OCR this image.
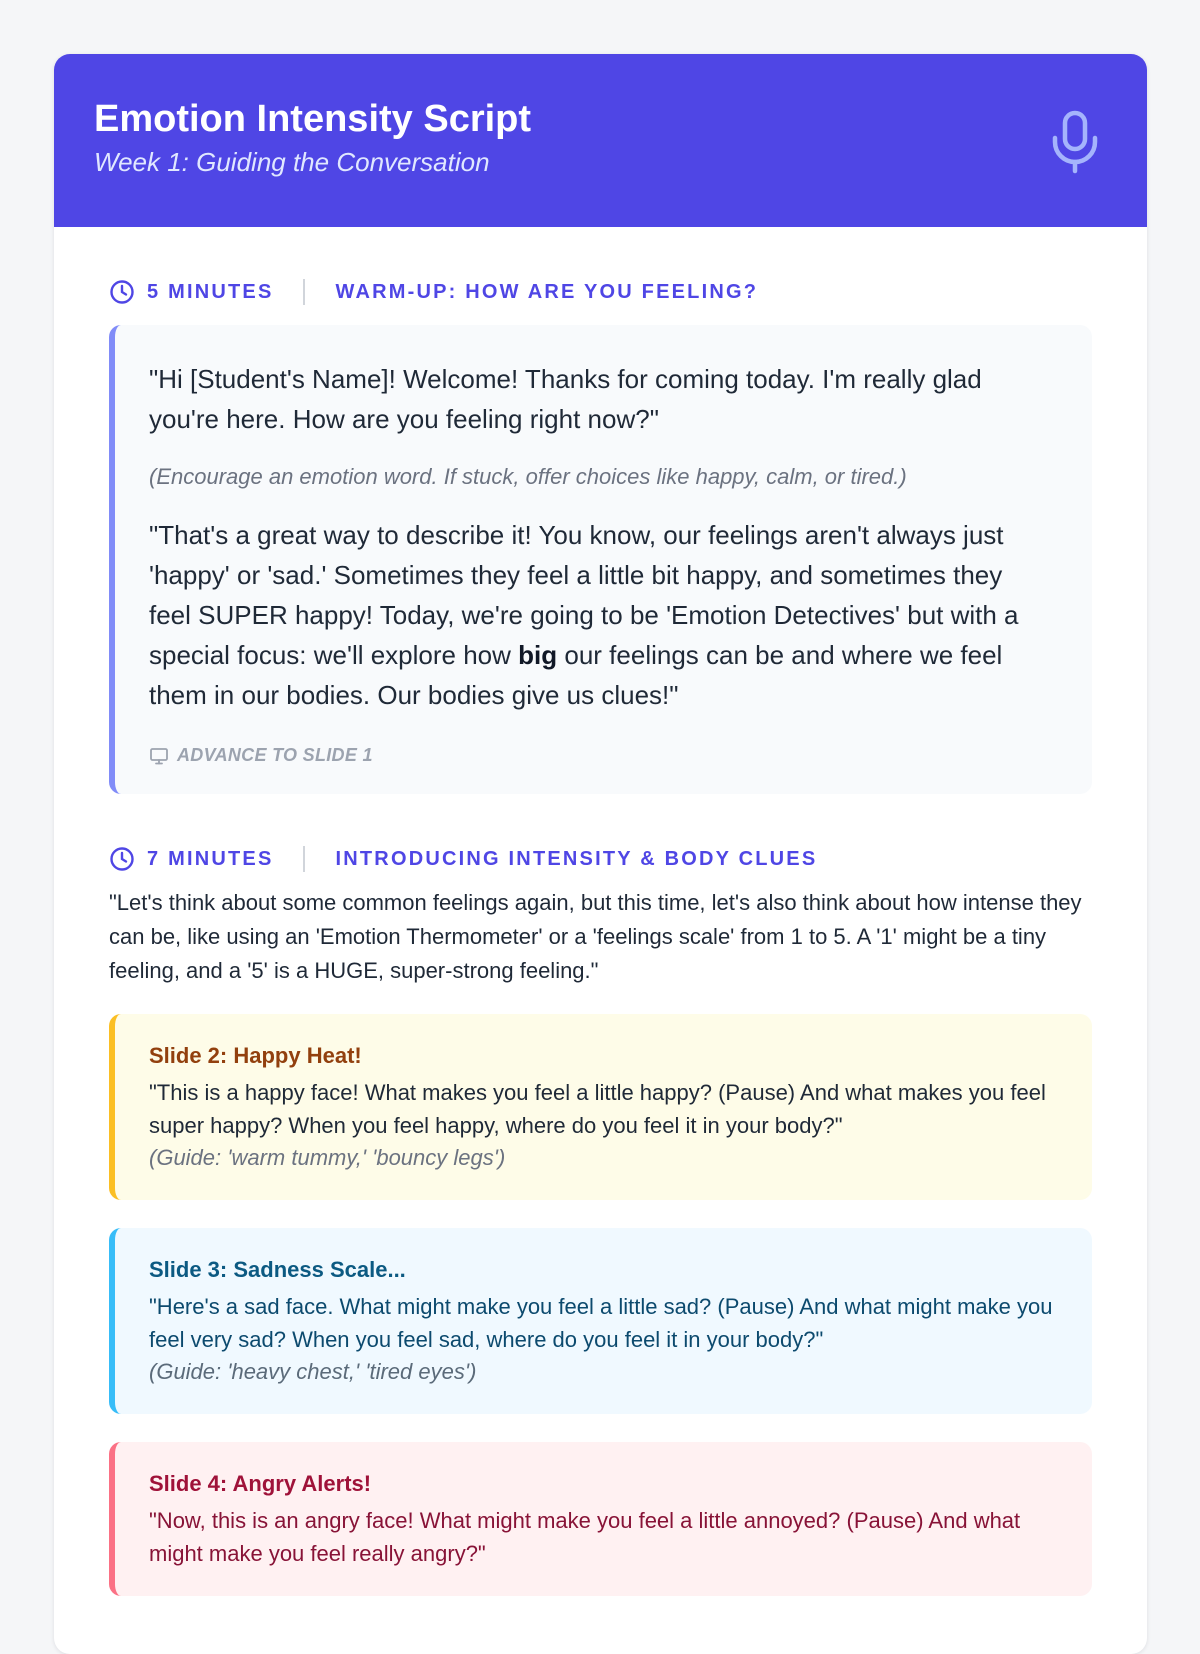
Emotion Intensity Script
Week 1: Guiding the Conversation
5 MINUTES	WARM-UP: HOW ARE YOU FEELING?

"Hi [Student's Name]! Welcome! Thanks for coming today. I'm really glad you're here. How are you feeling right now?"

(Encourage an emotion word. If stuck, offer choices like happy, calm, or tired.)

"That's a great way to describe it! You know, our feelings aren't always just 'happy' or 'sad.' Sometimes they feel a little bit happy, and sometimes they feel SUPER happy! Today, we're going to be 'Emotion Detectives' but with a special focus: we'll explore how big our feelings can be and where we feel them in our bodies. Our bodies give us clues!"

ADVANCE TO SLIDE 1
7 MINUTES	INTRODUCING INTENSITY & BODY CLUES

"Let's think about some common feelings again, but this time, let's also think about how intense they can be, like using an 'Emotion Thermometer' or a 'feelings scale' from 1 to 5. A '1' might be a tiny feeling, and a '5' is a HUGE, super-strong feeling."

Slide 2: Happy Heat!

"This is a happy face! What makes you feel a little happy? (Pause) And what makes you feel super happy? When you feel happy, where do you feel it in your body?"

(Guide: 'warm tummy,' 'bouncy legs')

Slide 3: Sadness Scale...

"Here's a sad face. What might make you feel a little sad? (Pause) And what might make you feel very sad? When you feel sad, where do you feel it in your body?"

(Guide: 'heavy chest,' 'tired eyes')

Slide 4: Angry Alerts!

"Now, this is an angry face! What might make you feel a little annoyed? (Pause) And what might make you feel really angry?"
